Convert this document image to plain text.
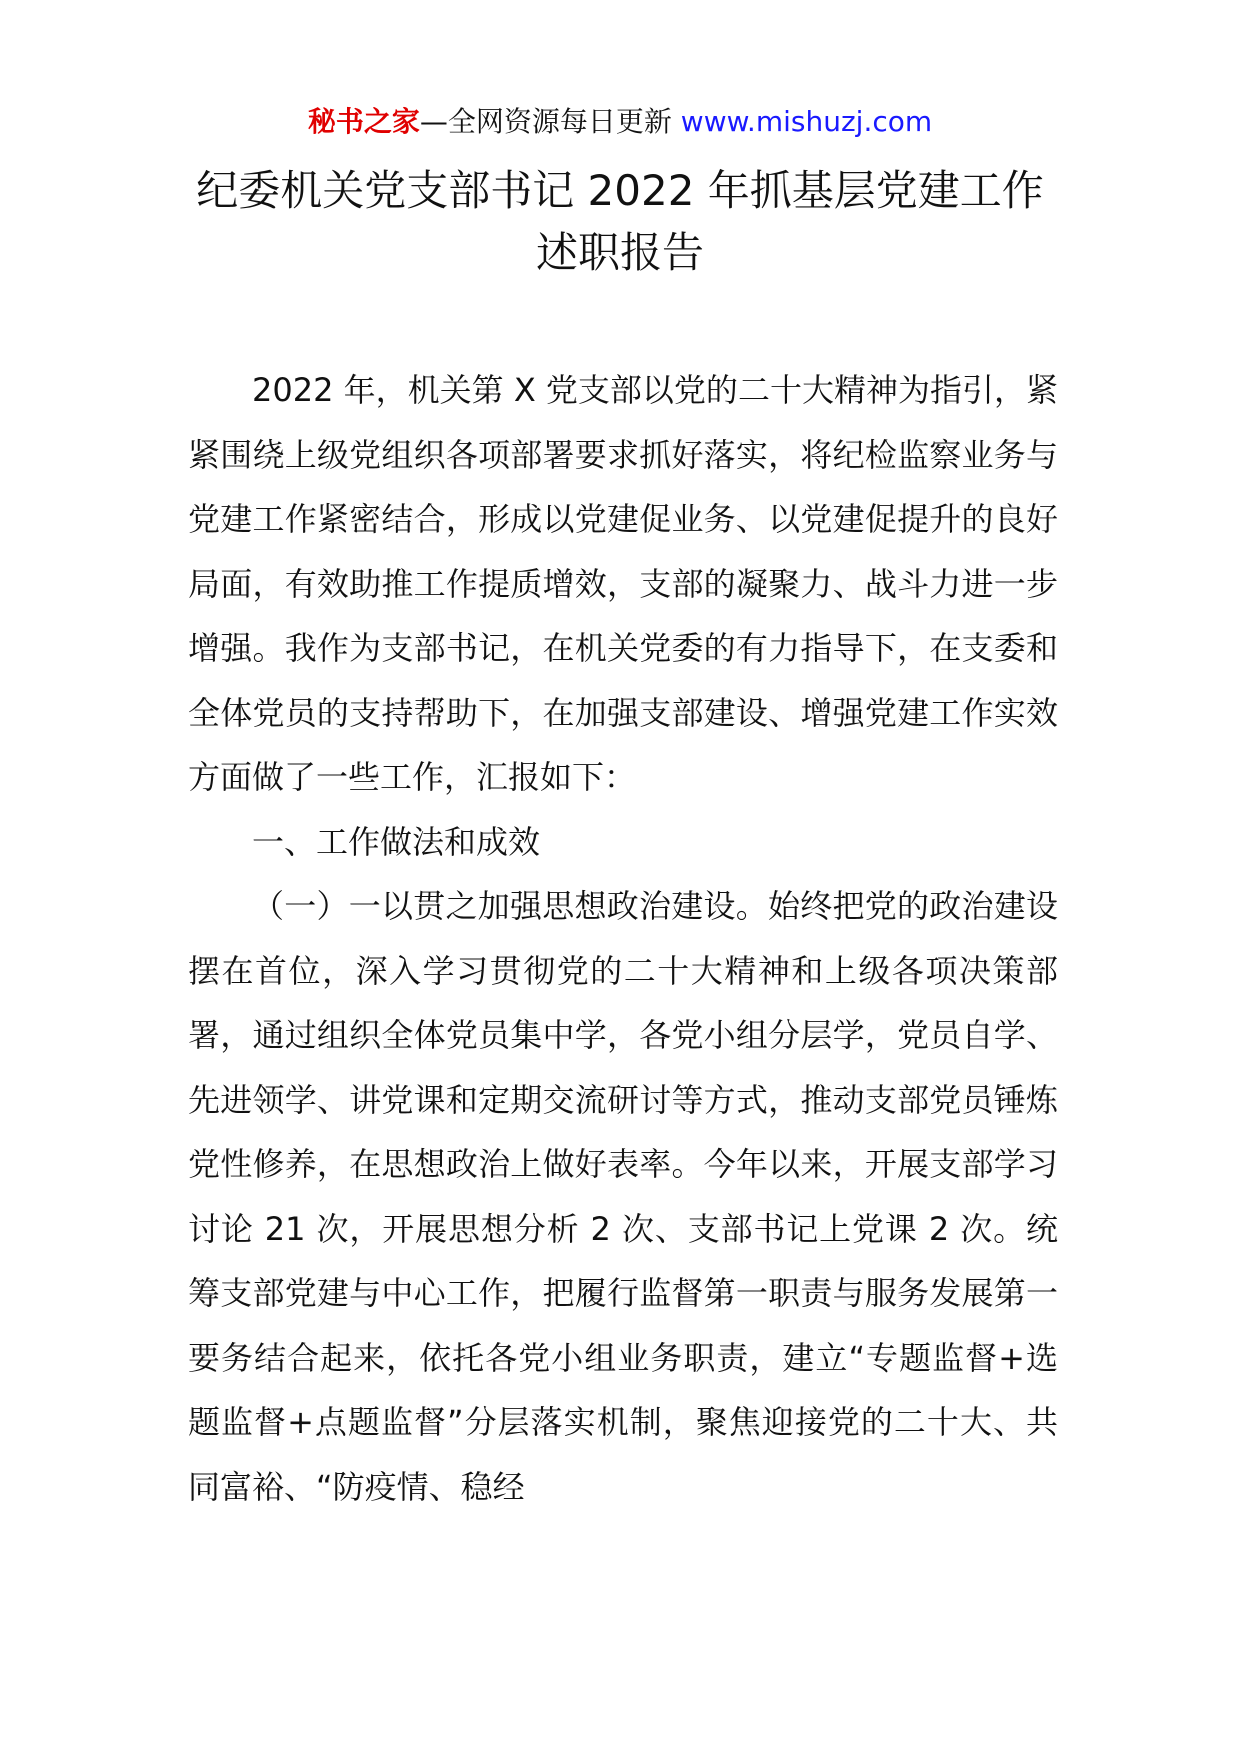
秘书之家—全网资源每日更新 www.mishuzj.com
纪委机关党支部书记 2022 年抓基层党建工作述职报告

2022 年，机关第 X 党支部以党的二十大精神为指引，紧紧围绕上级党组织各项部署要求抓好落实，将纪检监察业务与党建工作紧密结合，形成以党建促业务、以党建促提升的良好局面，有效助推工作提质增效，支部的凝聚力、战斗力进一步增强。我作为支部书记，在机关党委的有力指导下，在支委和全体党员的支持帮助下，在加强支部建设、增强党建工作实效方面做了一些工作，汇报如下：

一、工作做法和成效

（一）一以贯之加强思想政治建设。始终把党的政治建设摆在首位，深入学习贯彻党的二十大精神和上级各项决策部署，通过组织全体党员集中学，各党小组分层学，党员自学、先进领学、讲党课和定期交流研讨等方式，推动支部党员锤炼党性修养，在思想政治上做好表率。今年以来，开展支部学习讨论 21 次，开展思想分析 2 次、支部书记上党课 2 次。统筹支部党建与中心工作，把履行监督第一职责与服务发展第一要务结合起来，依托各党小组业务职责，建立“专题监督+选题监督+点题监督”分层落实机制，聚焦迎接党的二十大、共同富裕、“防疫情、稳经
